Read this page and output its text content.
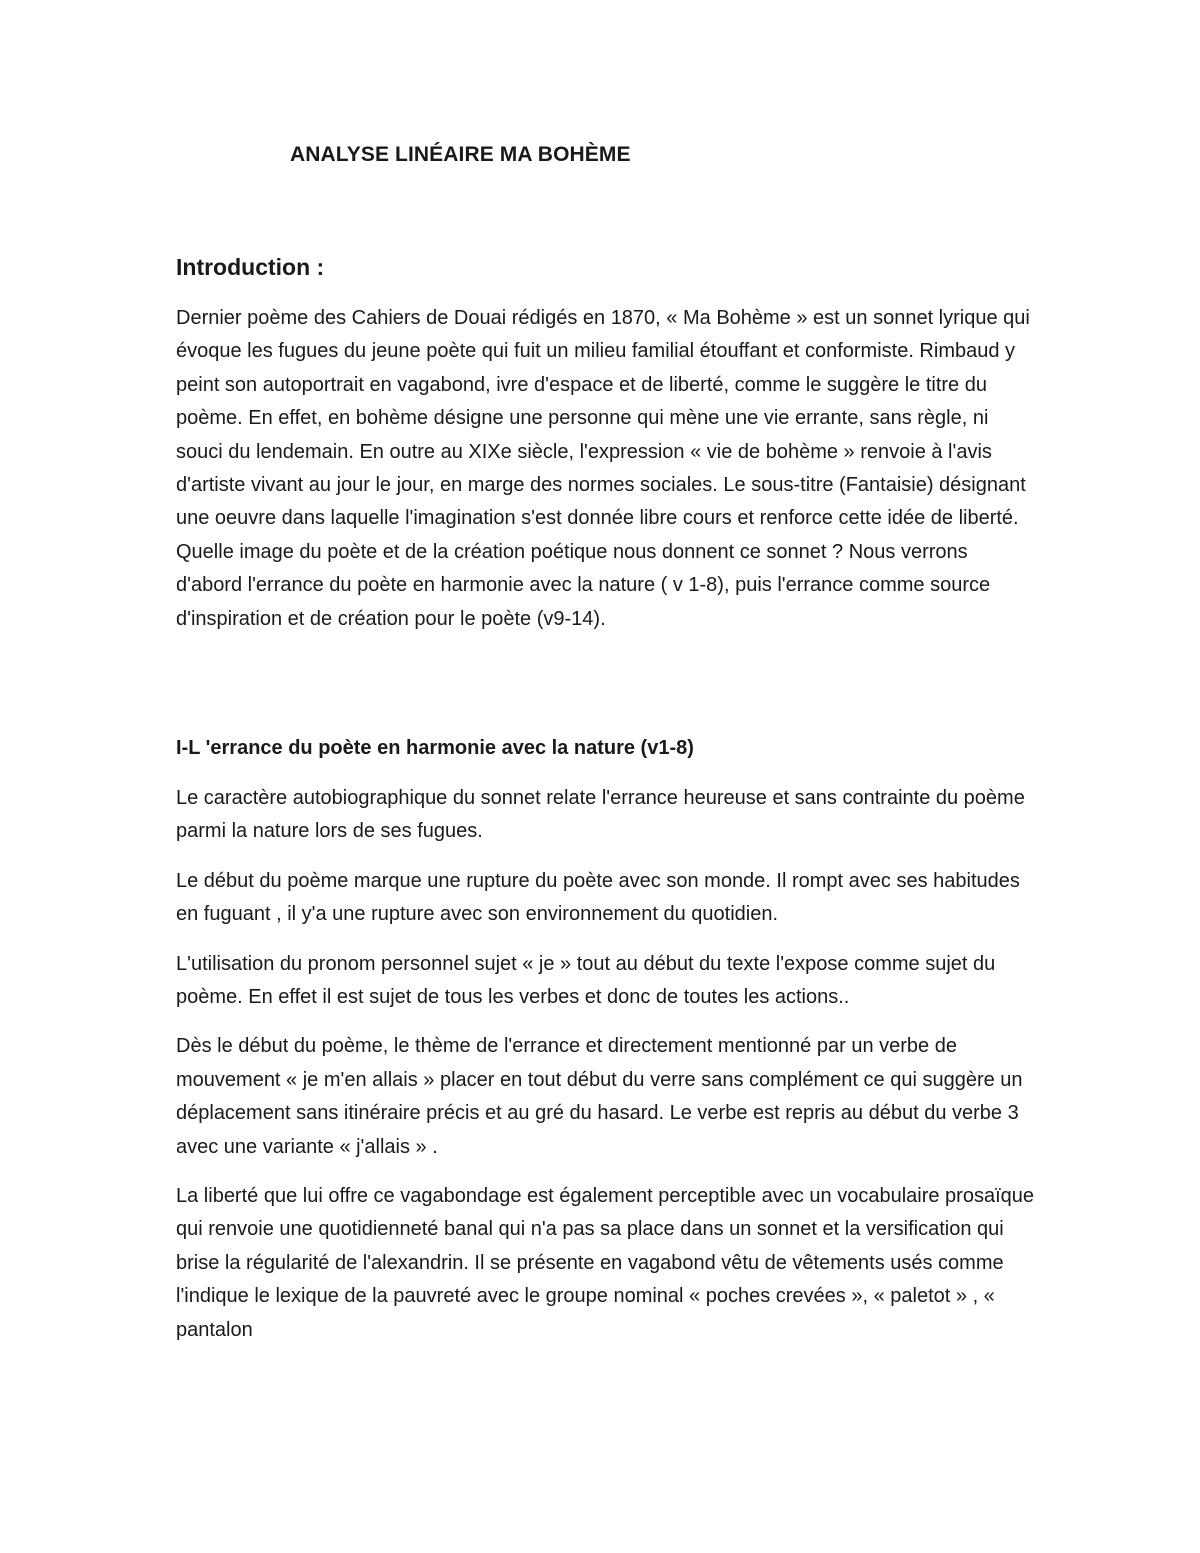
ANALYSE LINÉAIRE MA BOHÈME
Introduction :

Dernier poème des Cahiers de Douai rédigés en 1870, « Ma Bohème » est un sonnet lyrique qui évoque les fugues du jeune poète qui fuit un milieu familial étouffant et conformiste. Rimbaud y peint son autoportrait en vagabond, ivre d'espace et de liberté, comme le suggère le titre du poème. En effet, en bohème désigne une personne qui mène une vie errante, sans règle, ni souci du lendemain. En outre au XIXe siècle, l'expression « vie de bohème » renvoie à l'avis d'artiste vivant au jour le jour, en marge des normes sociales. Le sous-titre (Fantaisie) désignant une oeuvre dans laquelle l'imagination s'est donnée libre cours et renforce cette idée de liberté. Quelle image du poète et de la création poétique nous donnent ce sonnet ? Nous verrons d'abord l'errance du poète en harmonie avec la nature ( v 1-8), puis l'errance comme source d'inspiration et de création pour le poète (v9-14).

I-L 'errance du poète en harmonie avec la nature (v1-8)

Le caractère autobiographique du sonnet relate l'errance heureuse et sans contrainte du poème parmi la nature lors de ses fugues.

Le début du poème marque une rupture du poète avec son monde. Il rompt avec ses habitudes en fuguant , il y'a une rupture avec son environnement du quotidien.

L'utilisation du pronom personnel sujet « je » tout au début du texte l'expose comme sujet du poème. En effet il est sujet de tous les verbes et donc de toutes les actions..

Dès le début du poème, le thème de l'errance et directement mentionné par un verbe de mouvement « je m'en allais » placer en tout début du verre sans complément ce qui suggère un déplacement sans itinéraire précis et au gré du hasard. Le verbe est repris au début du verbe 3 avec une variante « j'allais » .

La liberté que lui offre ce vagabondage est également perceptible avec un vocabulaire prosaïque qui renvoie une quotidienneté banal qui n'a pas sa place dans un sonnet et la versification qui brise la régularité de l'alexandrin. Il se présente en vagabond vêtu de vêtements usés comme l'indique le lexique de la pauvreté avec le groupe nominal « poches crevées », « paletot » , « pantalon
